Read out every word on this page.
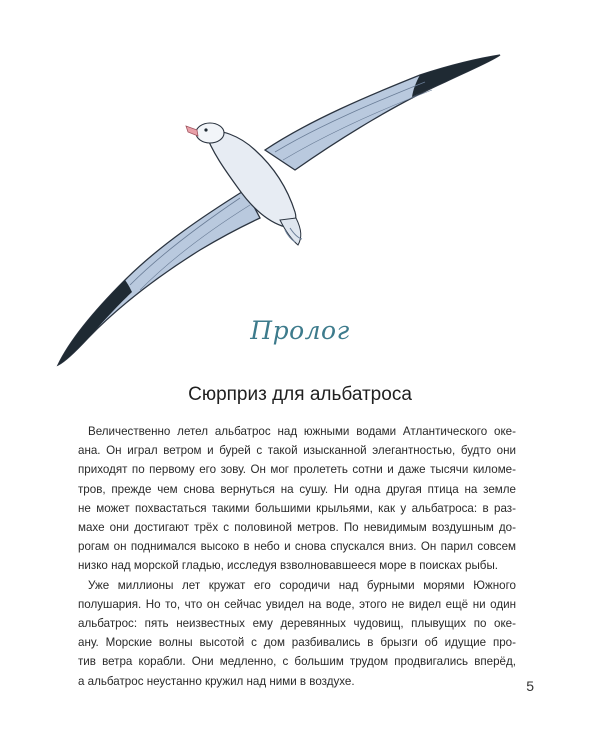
Пролог
Сюрприз для альбатроса
Величественно летел альбатрос над южными водами Атлантического оке-
ана. Он играл ветром и бурей с такой изысканной элегантностью, будто они
приходят по первому его зову. Он мог пролететь сотни и даже тысячи киломе-
тров, прежде чем снова вернуться на сушу. Ни одна другая птица на земле
не может похвастаться такими большими крыльями, как у альбатроса: в раз-
махе они достигают трёх с половиной метров. По невидимым воздушным до-
рогам он поднимался высоко в небо и снова спускался вниз. Он парил совсем
низко над морской гладью, исследуя взволновавшееся море в поисках рыбы.
Уже миллионы лет кружат его сородичи над бурными морями Южного
полушария. Но то, что он сейчас увидел на воде, этого не видел ещё ни один
альбатрос: пять неизвестных ему деревянных чудовищ, плывущих по оке-
ану. Морские волны высотой с дом разбивались в брызги об идущие про-
тив ветра корабли. Они медленно, с большим трудом продвигались вперёд,
а альбатрос неустанно кружил над ними в воздухе.	5
